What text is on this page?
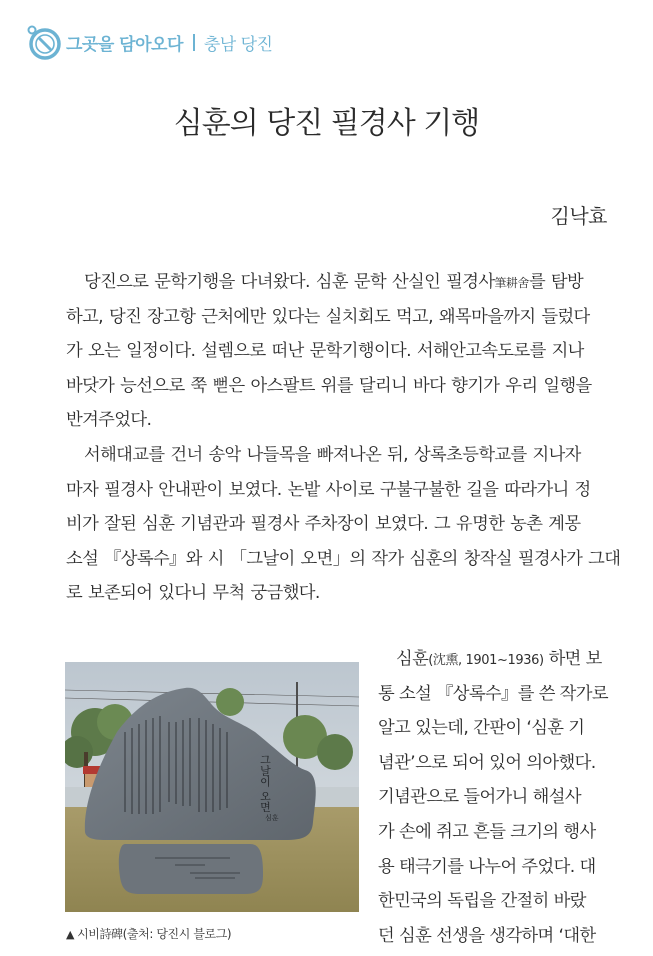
그곳을 담아오다 충남 당진
심훈의 당진 필경사 기행
김낙효
당진으로 문학기행을 다녀왔다. 심훈 문학 산실인 필경사筆耕舍를 탐방
하고, 당진 장고항 근처에만 있다는 실치회도 먹고, 왜목마을까지 들렀다
가 오는 일정이다. 설렘으로 떠난 문학기행이다. 서해안고속도로를 지나
바닷가 능선으로 쭉 뻗은 아스팔트 위를 달리니 바다 향기가 우리 일행을
반겨주었다.
서해대교를 건너 송악 나들목을 빠져나온 뒤, 상록초등학교를 지나자
마자 필경사 안내판이 보였다. 논밭 사이로 구불구불한 길을 따라가니 정
비가 잘된 심훈 기념관과 필경사 주차장이 보였다. 그 유명한 농촌 계몽
소설 『상록수』와 시 「그날이 오면」의 작가 심훈의 창작실 필경사가 그대
로 보존되어 있다니 무척 궁금했다.
그날이 오면
심훈
▲ 시비詩碑(출처: 당진시 블로그)
심훈(沈熏, 1901~1936) 하면 보
통 소설 『상록수』를 쓴 작가로
알고 있는데, 간판이 ‘심훈 기
념관’으로 되어 있어 의아했다.
기념관으로 들어가니 해설사
가 손에 쥐고 흔들 크기의 행사
용 태극기를 나누어 주었다. 대
한민국의 독립을 간절히 바랐
던 심훈 선생을 생각하며 ‘대한
